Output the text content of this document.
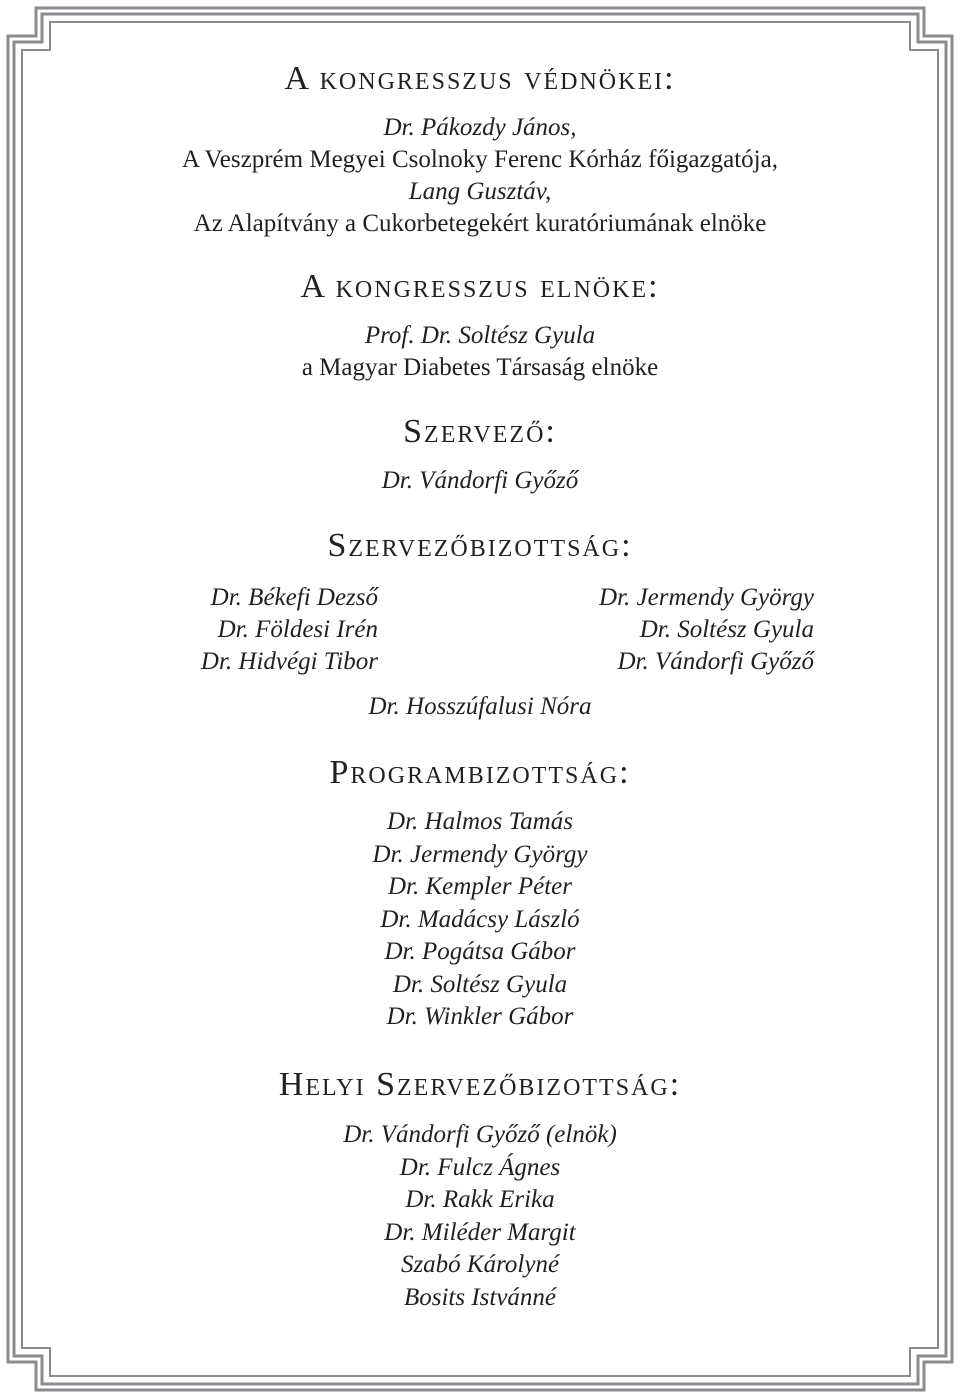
A kongresszus védnökei:
Dr. Pákozdy János,
A Veszprém Megyei Csolnoky Ferenc Kórház főigazgatója,
Lang Gusztáv,
Az Alapítvány a Cukorbetegekért kuratóriumának elnöke
A kongresszus elnöke:
Prof. Dr. Soltész Gyula
a Magyar Diabetes Társaság elnöke
Szervező:
Dr. Vándorfi Győző
Szervezőbizottság:
Dr. Békefi Dezső
Dr. Földesi Irén
Dr. Hidvégi Tibor
Dr. Jermendy György
Dr. Soltész Gyula
Dr. Vándorfi Győző
Dr. Hosszúfalusi Nóra
Programbizottság:
Dr. Halmos Tamás
Dr. Jermendy György
Dr. Kempler Péter
Dr. Madácsy László
Dr. Pogátsa Gábor
Dr. Soltész Gyula
Dr. Winkler Gábor
Helyi Szervezőbizottság:
Dr. Vándorfi Győző (elnök)
Dr. Fulcz Ágnes
Dr. Rakk Erika
Dr. Miléder Margit
Szabó Károlyné
Bosits Istvánné
